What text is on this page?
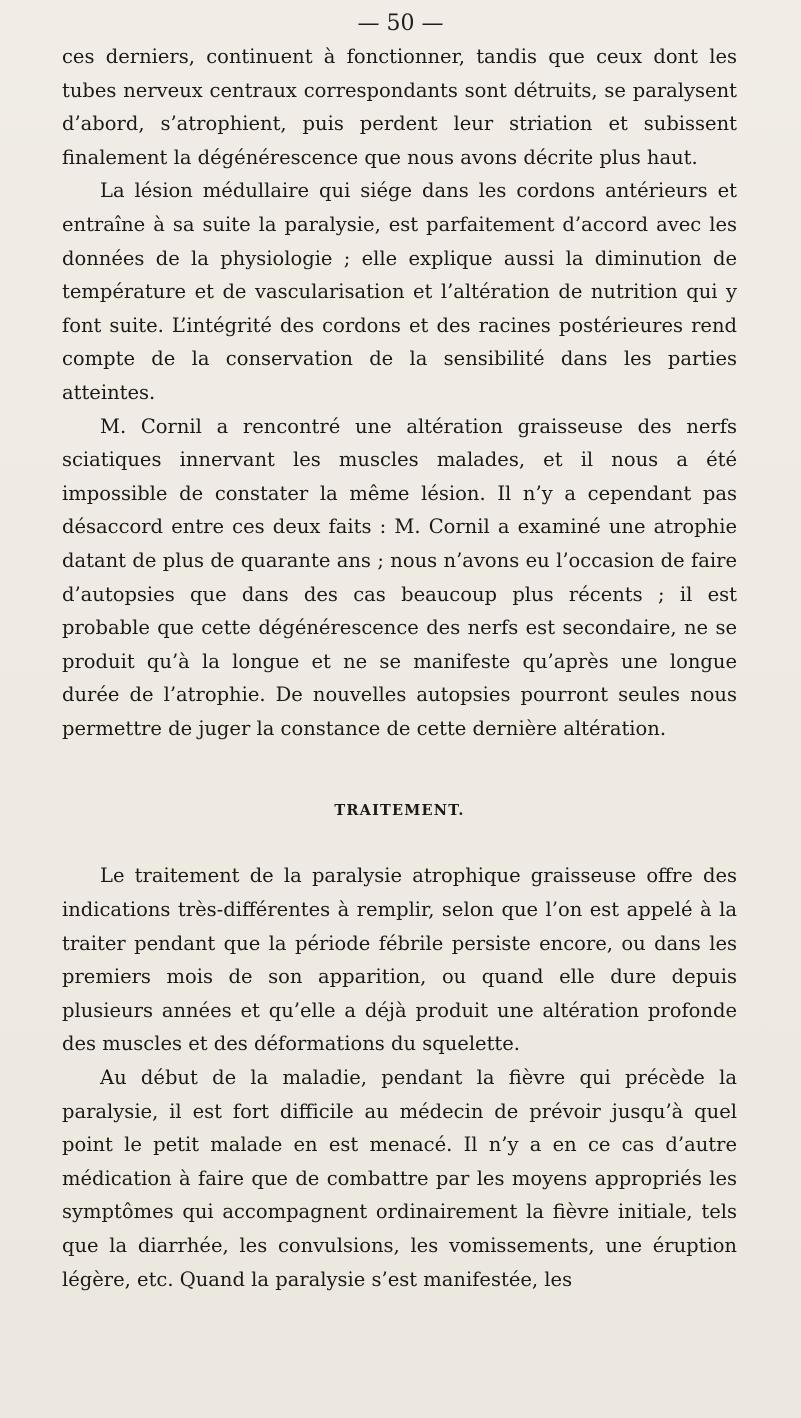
— 50 —

ces derniers, continuent à fonctionner, tandis que ceux dont les tubes nerveux centraux correspondants sont détruits, se paralysent d’abord, s’atrophient, puis perdent leur striation et subissent finalement la dégénérescence que nous avons décrite plus haut.

La lésion médullaire qui siége dans les cordons antérieurs et entraîne à sa suite la paralysie, est parfaitement d’accord avec les données de la physiologie ; elle explique aussi la diminution de température et de vascularisation et l’altération de nutrition qui y font suite. L’intégrité des cordons et des racines postérieures rend compte de la conservation de la sensibilité dans les parties atteintes.

M. Cornil a rencontré une altération graisseuse des nerfs sciatiques innervant les muscles malades, et il nous a été impossible de constater la même lésion. Il n’y a cependant pas désaccord entre ces deux faits : M. Cornil a examiné une atrophie datant de plus de quarante ans ; nous n’avons eu l’occasion de faire d’autopsies que dans des cas beaucoup plus récents ; il est probable que cette dégénérescence des nerfs est secondaire, ne se produit qu’à la longue et ne se manifeste qu’après une longue durée de l’atrophie. De nouvelles autopsies pourront seules nous permettre de juger la constance de cette dernière altération.

TRAITEMENT.

Le traitement de la paralysie atrophique graisseuse offre des indications très-différentes à remplir, selon que l’on est appelé à la traiter pendant que la période fébrile persiste encore, ou dans les premiers mois de son apparition, ou quand elle dure depuis plusieurs années et qu’elle a déjà produit une altération profonde des muscles et des déformations du squelette.

Au début de la maladie, pendant la fièvre qui précède la paralysie, il est fort difficile au médecin de prévoir jusqu’à quel point le petit malade en est menacé. Il n’y a en ce cas d’autre médication à faire que de combattre par les moyens appropriés les symptômes qui accompagnent ordinairement la fièvre initiale, tels que la diarrhée, les convulsions, les vomissements, une éruption légère, etc. Quand la paralysie s’est manifestée, les
